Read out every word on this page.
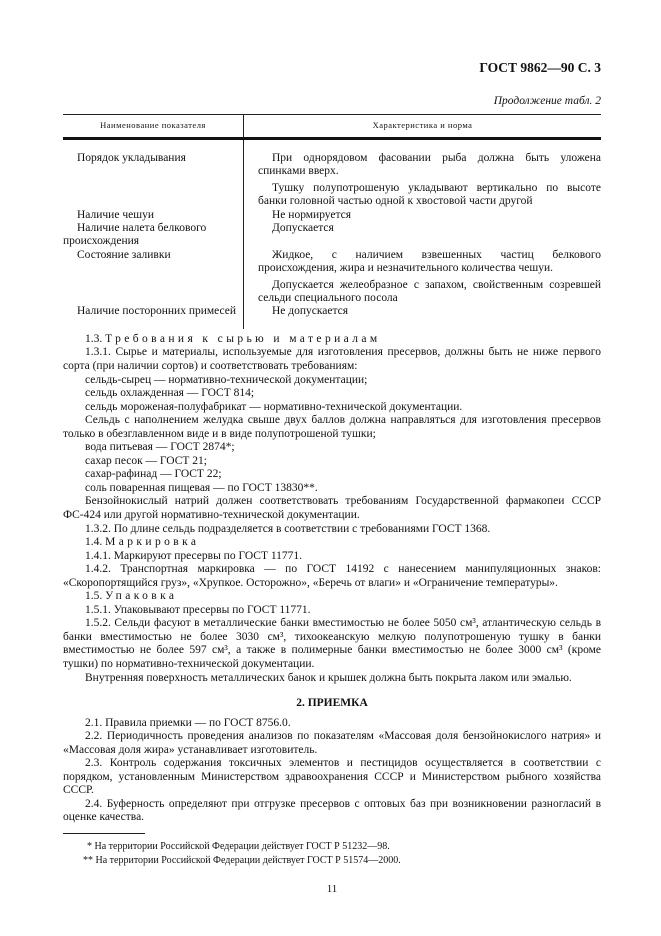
ГОСТ 9862—90 С. 3
Продолжение табл. 2
Наименование показателя	Характеристика и норма

Порядок укладывания	При однорядовом фасовании рыба должна быть уложена спинками вверх.

Тушку полупотрошеную укладывают вертикально по высоте банки головной частью одной к хвостовой части другой

Наличие чешуи	Не нормируется

Наличие налета белкового происхождения	Допускается

Состояние заливки	Жидкое, с наличием взвешенных частиц белкового происхождения, жира и незначительного количества чешуи.

Допускается желеобразное с запахом, свойственным созревшей сельди специального посола

Наличие посторонних примесей	Не допускается

1.3. Требования к сырью и материалам

1.3.1. Сырье и материалы, используемые для изготовления пресервов, должны быть не ниже первого сорта (при наличии сортов) и соответствовать требованиям:

сельдь-сырец — нормативно-технической документации;

сельдь охлажденная — ГОСТ 814;

сельдь мороженая-полуфабрикат — нормативно-технической документации.

Сельдь с наполнением желудка свыше двух баллов должна направляться для изготовления пресервов только в обезглавленном виде и в виде полупотрошеной тушки;

вода питьевая — ГОСТ 2874*;

сахар песок — ГОСТ 21;

сахар-рафинад — ГОСТ 22;

соль поваренная пищевая — по ГОСТ 13830**.

Бензойнокислый натрий должен соответствовать требованиям Государственной фармакопеи СССР ФС-424 или другой нормативно-технической документации.

1.3.2. По длине сельдь подразделяется в соответствии с требованиями ГОСТ 1368.

1.4. Маркировка

1.4.1. Маркируют пресервы по ГОСТ 11771.

1.4.2. Транспортная маркировка — по ГОСТ 14192 с нанесением манипуляционных знаков: «Скоропортящийся груз», «Хрупкое. Осторожно», «Беречь от влаги» и «Ограничение температуры».

1.5. Упаковка

1.5.1. Упаковывают пресервы по ГОСТ 11771.

1.5.2. Сельди фасуют в металлические банки вместимостью не более 5050 см³, атлантическую сельдь в банки вместимостью не более 3030 см³, тихоокеанскую мелкую полупотрошеную тушку в банки вместимостью не более 597 см³, а также в полимерные банки вместимостью не более 3000 см³ (кроме тушки) по нормативно-технической документации.

Внутренняя поверхность металлических банок и крышек должна быть покрыта лаком или эмалью.

2. ПРИЕМКА

2.1. Правила приемки — по ГОСТ 8756.0.

2.2. Периодичность проведения анализов по показателям «Массовая доля бензойнокислого натрия» и «Массовая доля жира» устанавливает изготовитель.

2.3. Контроль содержания токсичных элементов и пестицидов осуществляется в соответствии с порядком, установленным Министерством здравоохранения СССР и Министерством рыбного хозяйства СССР.

2.4. Буферность определяют при отгрузке пресервов с оптовых баз при возникновении разногласий в оценке качества.

* На территории Российской Федерации действует ГОСТ Р 51232—98.
** На территории Российской Федерации действует ГОСТ Р 51574—2000.
11
